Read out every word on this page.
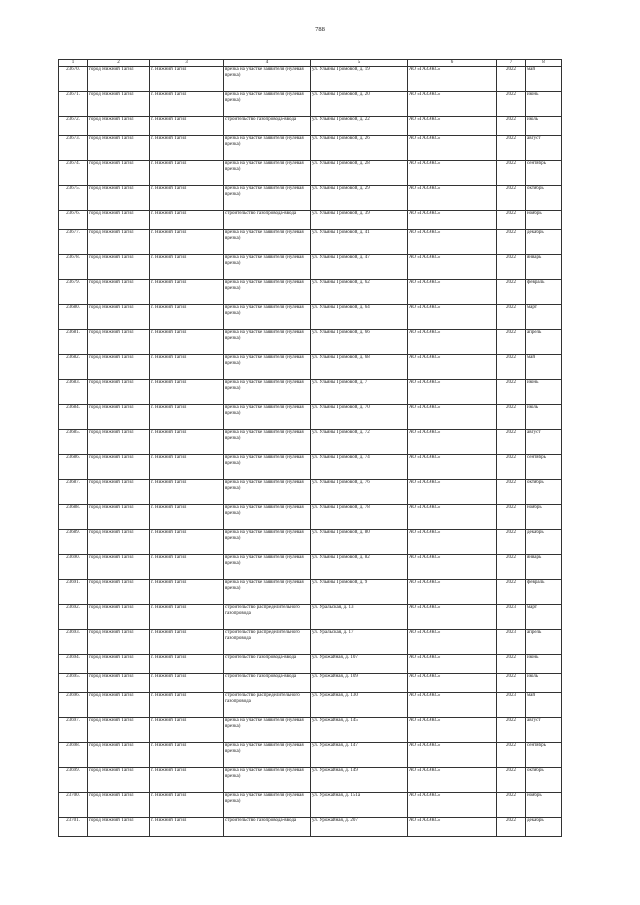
788
1	2	3	4	5	6	7	8
23670.	город Нижний Тагил	г. Нижний Тагил	врезка на участке заявителя (нулевая врезка)	ул. Ульяны Громовой, д. 19	АО «ГАЗЭКС»	2022	май
23671.	город Нижний Тагил	г. Нижний Тагил	врезка на участке заявителя (нулевая врезка)	ул. Ульяны Громовой, д. 20	АО «ГАЗЭКС»	2022	июнь
23672.	город Нижний Тагил	г. Нижний Тагил	строительство газопровода-ввода	ул. Ульяны Громовой, д. 22	АО «ГАЗЭКС»	2022	июль
23673.	город Нижний Тагил	г. Нижний Тагил	врезка на участке заявителя (нулевая врезка)	ул. Ульяны Громовой, д. 26	АО «ГАЗЭКС»	2022	август
23674.	город Нижний Тагил	г. Нижний Тагил	врезка на участке заявителя (нулевая врезка)	ул. Ульяны Громовой, д. 28	АО «ГАЗЭКС»	2022	сентябрь
23675.	город Нижний Тагил	г. Нижний Тагил	врезка на участке заявителя (нулевая врезка)	ул. Ульяны Громовой, д. 29	АО «ГАЗЭКС»	2022	октябрь
23676.	город Нижний Тагил	г. Нижний Тагил	строительство газопровода-ввода	ул. Ульяны Громовой, д. 39	АО «ГАЗЭКС»	2022	ноябрь
23677.	город Нижний Тагил	г. Нижний Тагил	врезка на участке заявителя (нулевая врезка)	ул. Ульяны Громовой, д. 41	АО «ГАЗЭКС»	2022	декабрь
23678.	город Нижний Тагил	г. Нижний Тагил	врезка на участке заявителя (нулевая врезка)	ул. Ульяны Громовой, д. 47	АО «ГАЗЭКС»	2022	январь
23679.	город Нижний Тагил	г. Нижний Тагил	врезка на участке заявителя (нулевая врезка)	ул. Ульяны Громовой, д. 62	АО «ГАЗЭКС»	2022	февраль
23680.	город Нижний Тагил	г. Нижний Тагил	врезка на участке заявителя (нулевая врезка)	ул. Ульяны Громовой, д. 64	АО «ГАЗЭКС»	2022	март
23681.	город Нижний Тагил	г. Нижний Тагил	врезка на участке заявителя (нулевая врезка)	ул. Ульяны Громовой, д. 66	АО «ГАЗЭКС»	2022	апрель
23682.	город Нижний Тагил	г. Нижний Тагил	врезка на участке заявителя (нулевая врезка)	ул. Ульяны Громовой, д. 68	АО «ГАЗЭКС»	2022	май
23683.	город Нижний Тагил	г. Нижний Тагил	врезка на участке заявителя (нулевая врезка)	ул. Ульяны Громовой, д. 7	АО «ГАЗЭКС»	2022	июнь
23684.	город Нижний Тагил	г. Нижний Тагил	врезка на участке заявителя (нулевая врезка)	ул. Ульяны Громовой, д. 70	АО «ГАЗЭКС»	2022	июль
23685.	город Нижний Тагил	г. Нижний Тагил	врезка на участке заявителя (нулевая врезка)	ул. Ульяны Громовой, д. 72	АО «ГАЗЭКС»	2022	август
23686.	город Нижний Тагил	г. Нижний Тагил	врезка на участке заявителя (нулевая врезка)	ул. Ульяны Громовой, д. 74	АО «ГАЗЭКС»	2022	сентябрь
23687.	город Нижний Тагил	г. Нижний Тагил	врезка на участке заявителя (нулевая врезка)	ул. Ульяны Громовой, д. 76	АО «ГАЗЭКС»	2022	октябрь
23688.	город Нижний Тагил	г. Нижний Тагил	врезка на участке заявителя (нулевая врезка)	ул. Ульяны Громовой, д. 78	АО «ГАЗЭКС»	2022	ноябрь
23689.	город Нижний Тагил	г. Нижний Тагил	врезка на участке заявителя (нулевая врезка)	ул. Ульяны Громовой, д. 80	АО «ГАЗЭКС»	2022	декабрь
23690.	город Нижний Тагил	г. Нижний Тагил	врезка на участке заявителя (нулевая врезка)	ул. Ульяны Громовой, д. 82	АО «ГАЗЭКС»	2022	январь
23691.	город Нижний Тагил	г. Нижний Тагил	врезка на участке заявителя (нулевая врезка)	ул. Ульяны Громовой, д. 9	АО «ГАЗЭКС»	2022	февраль
23692.	город Нижний Тагил	г. Нижний Тагил	строительство распределительного газопровода	ул. Уральская, д. 13	АО «ГАЗЭКС»	2023	март
23693.	город Нижний Тагил	г. Нижний Тагил	строительство распределительного газопровода	ул. Уральская, д. 17	АО «ГАЗЭКС»	2023	апрель
23694.	город Нижний Тагил	г. Нижний Тагил	строительство газопровода-ввода	ул. Урожайная, д. 107	АО «ГАЗЭКС»	2022	июнь
23695.	город Нижний Тагил	г. Нижний Тагил	строительство газопровода-ввода	ул. Урожайная, д. 109	АО «ГАЗЭКС»	2022	июль
23696.	город Нижний Тагил	г. Нижний Тагил	строительство распределительного газопровода	ул. Урожайная, д. 130	АО «ГАЗЭКС»	2023	май
23697.	город Нижний Тагил	г. Нижний Тагил	врезка на участке заявителя (нулевая врезка)	ул. Урожайная, д. 145	АО «ГАЗЭКС»	2022	август
23698.	город Нижний Тагил	г. Нижний Тагил	врезка на участке заявителя (нулевая врезка)	ул. Урожайная, д. 147	АО «ГАЗЭКС»	2022	сентябрь
23699.	город Нижний Тагил	г. Нижний Тагил	врезка на участке заявителя (нулевая врезка)	ул. Урожайная, д. 149	АО «ГАЗЭКС»	2022	октябрь
23700.	город Нижний Тагил	г. Нижний Тагил	врезка на участке заявителя (нулевая врезка)	ул. Урожайная, д. 151а	АО «ГАЗЭКС»	2022	ноябрь
23701.	город Нижний Тагил	г. Нижний Тагил	строительство газопровода-ввода	ул. Урожайная, д. 207	АО «ГАЗЭКС»	2022	декабрь
